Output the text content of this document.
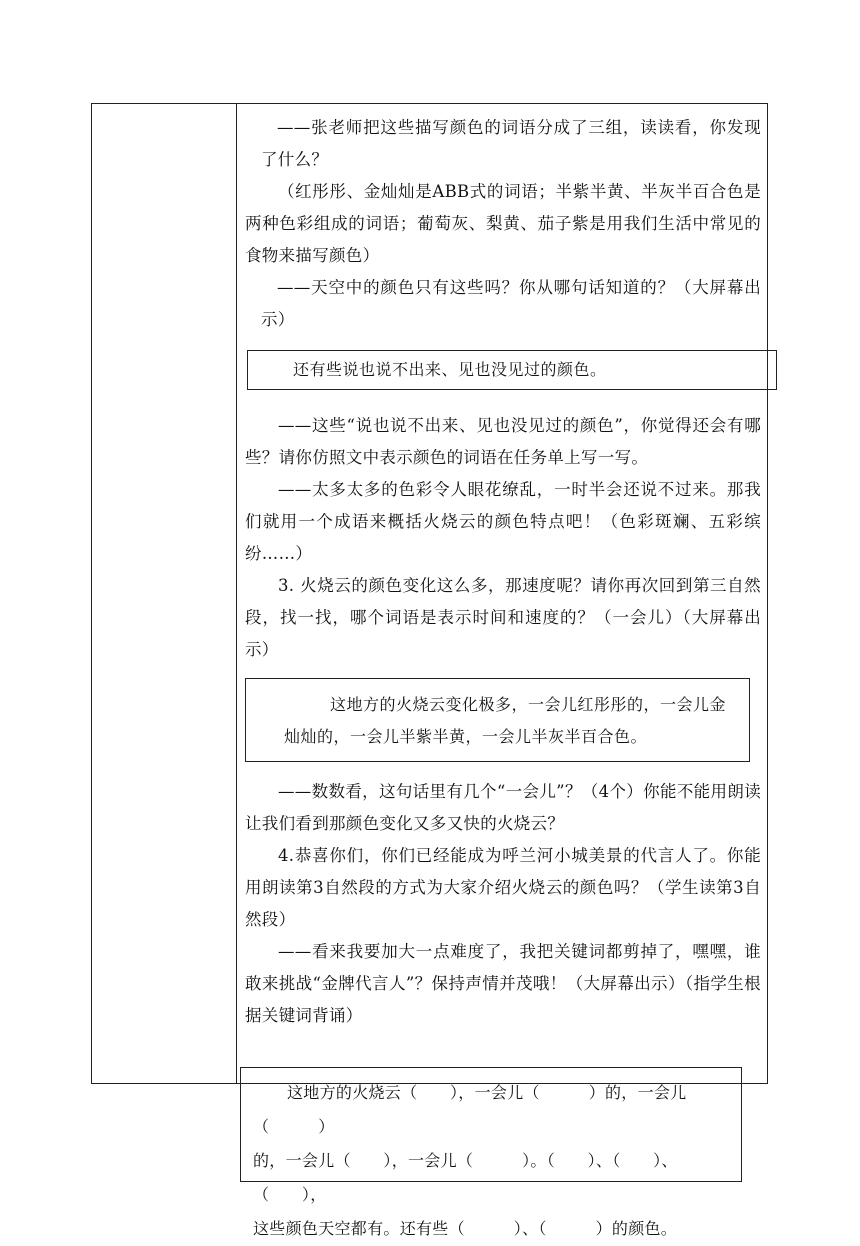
——张老师把这些描写颜色的词语分成了三组，读读看，你发现了什么？

（红彤彤、金灿灿是ABB式的词语；半紫半黄、半灰半百合色是两种色彩组成的词语；葡萄灰、梨黄、茄子紫是用我们生活中常见的食物来描写颜色）

——天空中的颜色只有这些吗？你从哪句话知道的？（大屏幕出示）

还有些说也说不出来、见也没见过的颜色。

——这些“说也说不出来、见也没见过的颜色”，你觉得还会有哪些？请你仿照文中表示颜色的词语在任务单上写一写。

——太多太多的色彩令人眼花缭乱，一时半会还说不过来。那我们就用一个成语来概括火烧云的颜色特点吧！（色彩斑斓、五彩缤纷……）

3. 火烧云的颜色变化这么多，那速度呢？请你再次回到第三自然段，找一找，哪个词语是表示时间和速度的？（一会儿）（大屏幕出示）

这地方的火烧云变化极多，一会儿红彤彤的，一会儿金
灿灿的，一会儿半紫半黄，一会儿半灰半百合色。

——数数看，这句话里有几个“一会儿”？（4个）你能不能用朗读让我们看到那颜色变化又多又快的火烧云？

4.恭喜你们，你们已经能成为呼兰河小城美景的代言人了。你能用朗读第3自然段的方式为大家介绍火烧云的颜色吗？（学生读第3自然段）

——看来我要加大一点难度了，我把关键词都剪掉了，嘿嘿，谁敢来挑战“金牌代言人”？保持声情并茂哦！（大屏幕出示）（指学生根据关键词背诵）

这地方的火烧云（　　），一会儿（　　　）的，一会儿（　　　）
的，一会儿（　　），一会儿（　　　）。（　　）、（　　）、（　　），
这些颜色天空都有。还有些（　　　）、（　　　）的颜色。
